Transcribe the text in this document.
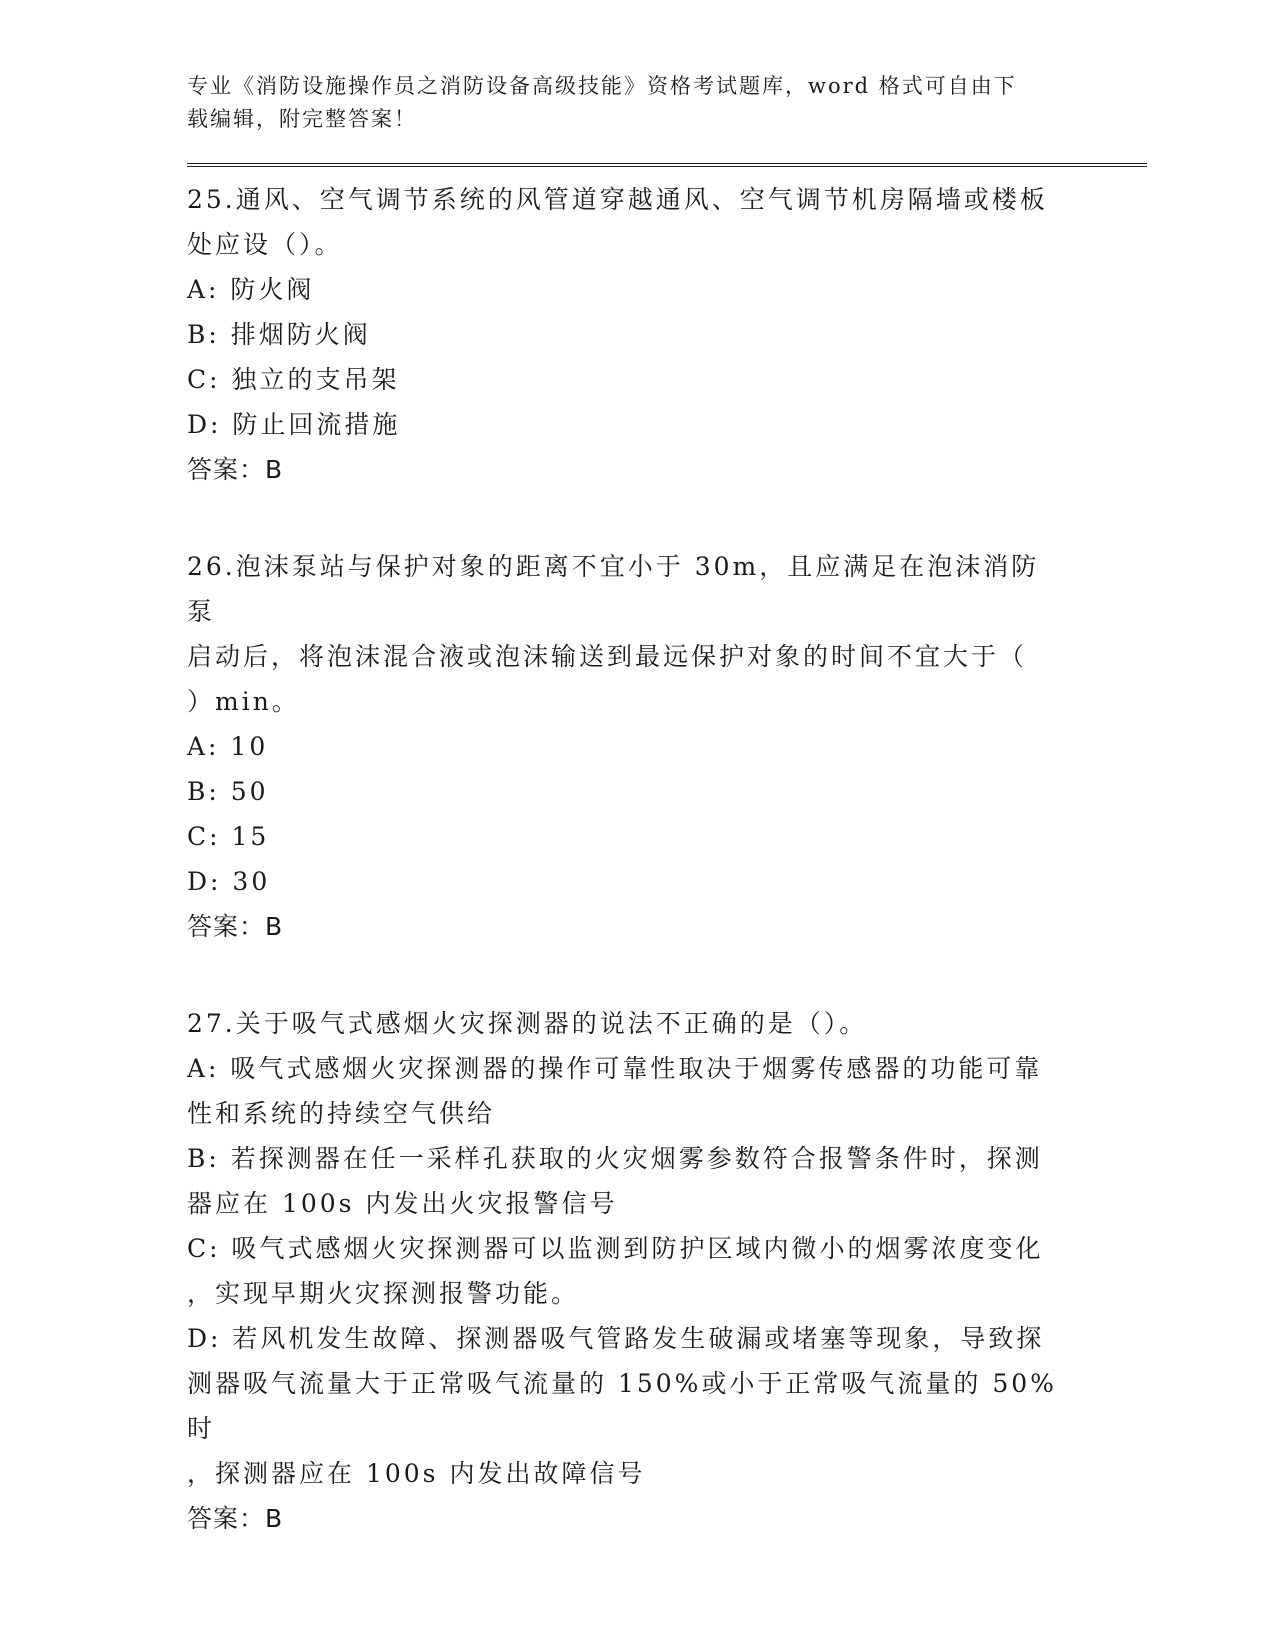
专业《消防设施操作员之消防设备高级技能》资格考试题库，word 格式可自由下
载编辑，附完整答案！

25.通风、空气调节系统的风管道穿越通风、空气调节机房隔墙或楼板

处应设（）。

A: 防火阀

B: 排烟防火阀

C: 独立的支吊架

D: 防止回流措施

答案：B

26.泡沫泵站与保护对象的距离不宜小于 30m，且应满足在泡沫消防泵

启动后，将泡沫混合液或泡沫输送到最远保护对象的时间不宜大于（

）min。

A: 10

B: 50

C: 15

D: 30

答案：B

27.关于吸气式感烟火灾探测器的说法不正确的是（）。

A: 吸气式感烟火灾探测器的操作可靠性取决于烟雾传感器的功能可靠

性和系统的持续空气供给

B: 若探测器在任一采样孔获取的火灾烟雾参数符合报警条件时，探测

器应在 100s 内发出火灾报警信号

C: 吸气式感烟火灾探测器可以监测到防护区域内微小的烟雾浓度变化

，实现早期火灾探测报警功能。

D: 若风机发生故障、探测器吸气管路发生破漏或堵塞等现象，导致探

测器吸气流量大于正常吸气流量的 150%或小于正常吸气流量的 50%时

，探测器应在 100s 内发出故障信号

答案：B
